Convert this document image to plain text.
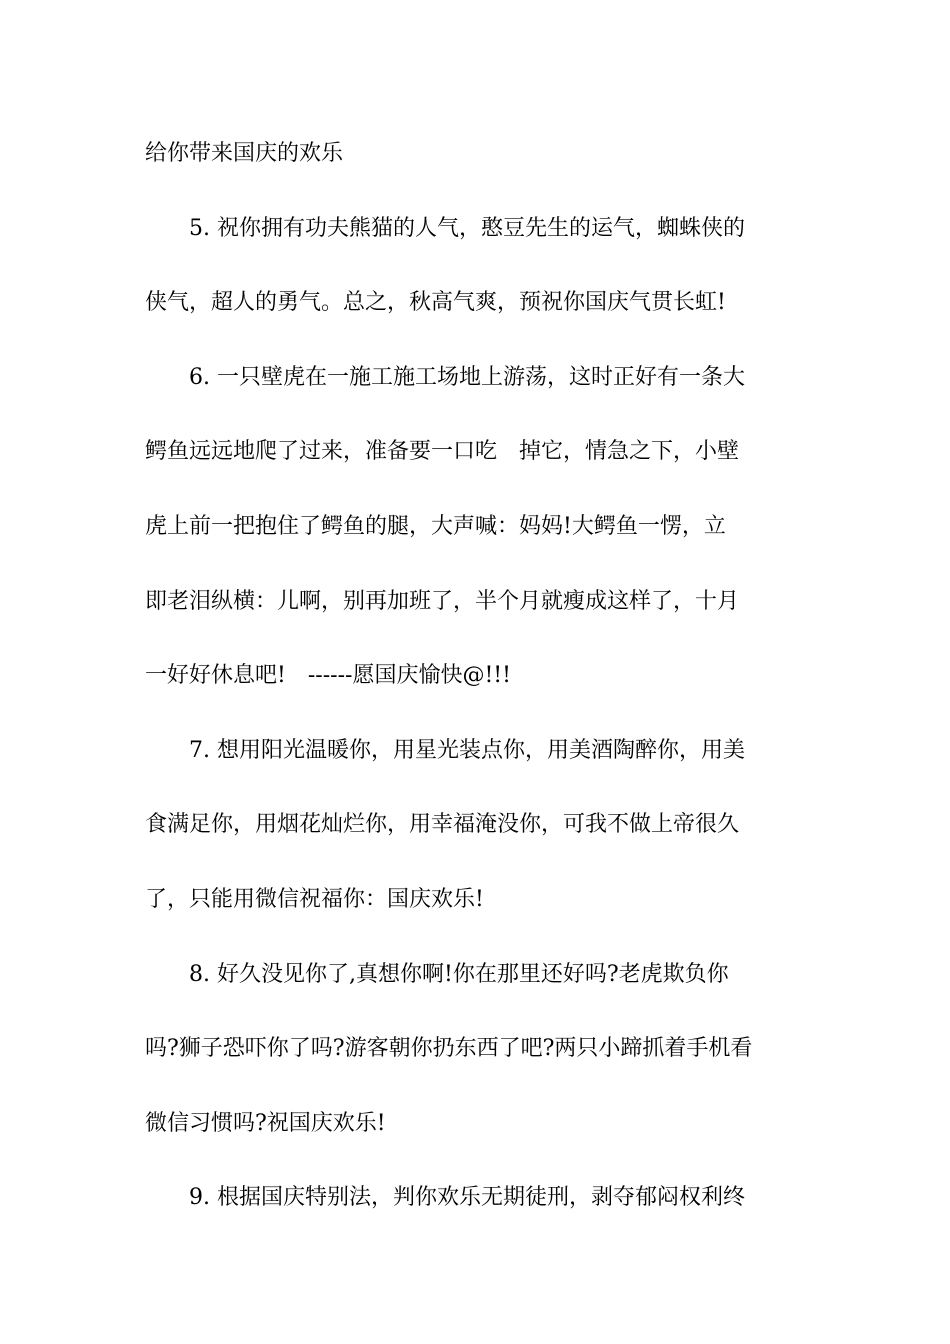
给你带来国庆的欢乐
5. 祝你拥有功夫熊猫的人气，憨豆先生的运气，蜘蛛侠的
侠气，超人的勇气。总之，秋高气爽，预祝你国庆气贯长虹!
6. 一只壁虎在一施工施工场地上游荡，这时正好有一条大
鳄鱼远远地爬了过来，准备要一口吃　掉它，情急之下，小壁
虎上前一把抱住了鳄鱼的腿，大声喊：妈妈!大鳄鱼一愣，立
即老泪纵横：儿啊，别再加班了，半个月就瘦成这样了，十月
一好好休息吧!　------愿国庆愉快@!!!
7. 想用阳光温暖你，用星光装点你，用美酒陶醉你，用美
食满足你，用烟花灿烂你，用幸福淹没你，可我不做上帝很久
了，只能用微信祝福你：国庆欢乐!
8. 好久没见你了,真想你啊!你在那里还好吗?老虎欺负你
吗?狮子恐吓你了吗?游客朝你扔东西了吧?两只小蹄抓着手机看
微信习惯吗?祝国庆欢乐!
9. 根据国庆特别法，判你欢乐无期徒刑，剥夺郁闷权利终
